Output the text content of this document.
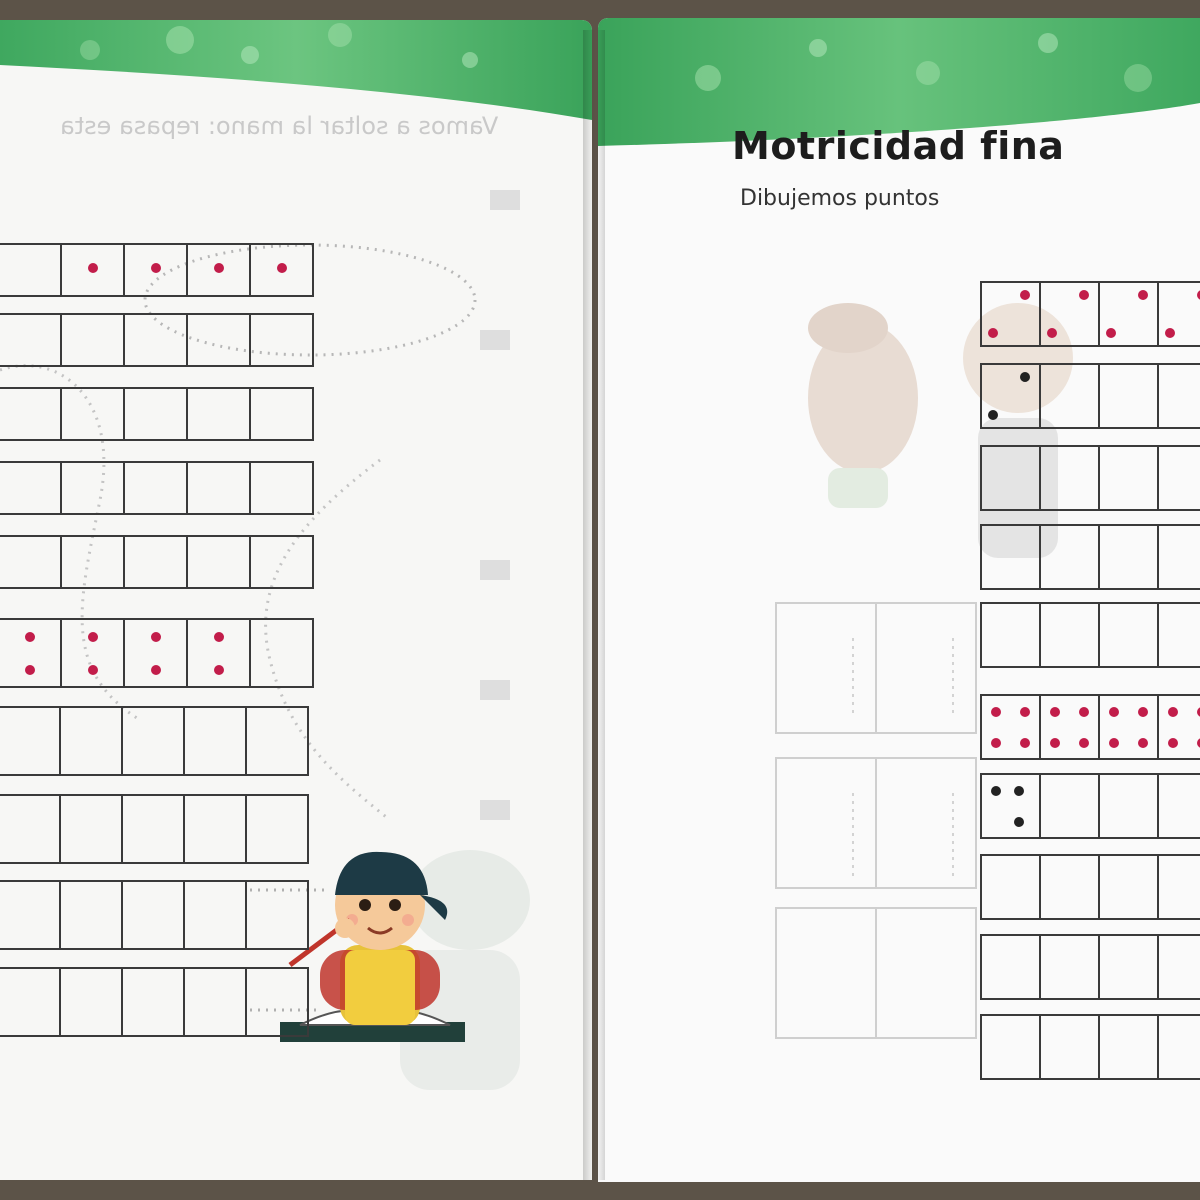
Vamos a soltar la mano: repasa esta	Motricidad fina
Dibujemos puntos
